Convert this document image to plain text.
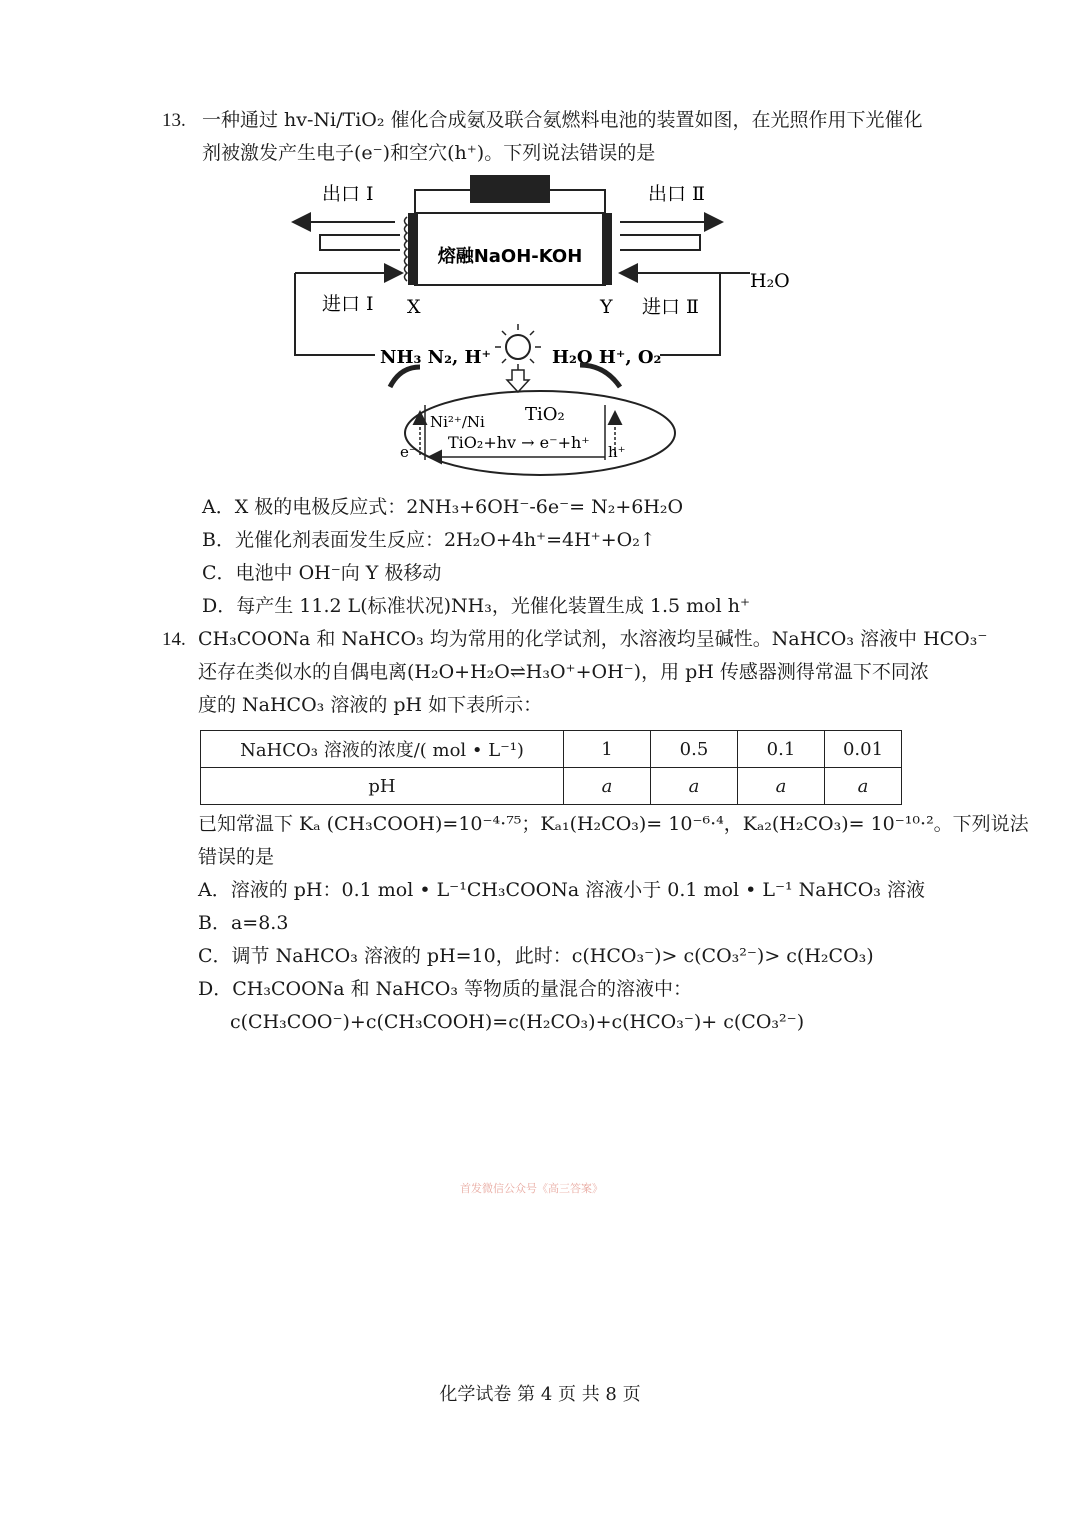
13. 一种通过 hv-Ni/TiO₂ 催化合成氨及联合氨燃料电池的装置如图，在光照作用下光催化
剂被激发产生电子(e⁻)和空穴(h⁺)。下列说法错误的是
熔融NaOH-KOH
出口 Ⅰ
进口 Ⅰ X
出口 Ⅱ
进口 Ⅱ
Y
H₂O
NH₃ N₂, H⁺	H₂O H⁺, O₂
Ni²⁺/Ni TiO₂
TiO₂+hv → e⁻+h⁺
e⁻	h⁺
A．X 极的电极反应式：2NH₃+6OH⁻-6e⁻= N₂+6H₂O
B．光催化剂表面发生反应：2H₂O+4h⁺=4H⁺+O₂↑
C．电池中 OH⁻向 Y 极移动
D．每产生 11.2 L(标准状况)NH₃，光催化装置生成 1.5 mol h⁺
14. CH₃COONa 和 NaHCO₃ 均为常用的化学试剂，水溶液均呈碱性。NaHCO₃ 溶液中 HCO₃⁻
还存在类似水的自偶电离(H₂O+H₂O⇌H₃O⁺+OH⁻)，用 pH 传感器测得常温下不同浓
度的 NaHCO₃ 溶液的 pH 如下表所示：
NaHCO₃ 溶液的浓度/( mol • L⁻¹)	1	0.5	0.1	0.01
pH	a	a	a	a
已知常温下 Kₐ (CH₃COOH)=10⁻⁴·⁷⁵；Kₐ₁(H₂CO₃)= 10⁻⁶·⁴，Kₐ₂(H₂CO₃)= 10⁻¹⁰·²。下列说法
错误的是
A．溶液的 pH：0.1 mol • L⁻¹CH₃COONa 溶液小于 0.1 mol • L⁻¹ NaHCO₃ 溶液
B．a=8.3
C．调节 NaHCO₃ 溶液的 pH=10，此时：c(HCO₃⁻)> c(CO₃²⁻)> c(H₂CO₃)
D．CH₃COONa 和 NaHCO₃ 等物质的量混合的溶液中：
c(CH₃COO⁻)+c(CH₃COOH)=c(H₂CO₃)+c(HCO₃⁻)+ c(CO₃²⁻)
首发微信公众号《高三答案》
化学试卷 第 4 页 共 8 页
